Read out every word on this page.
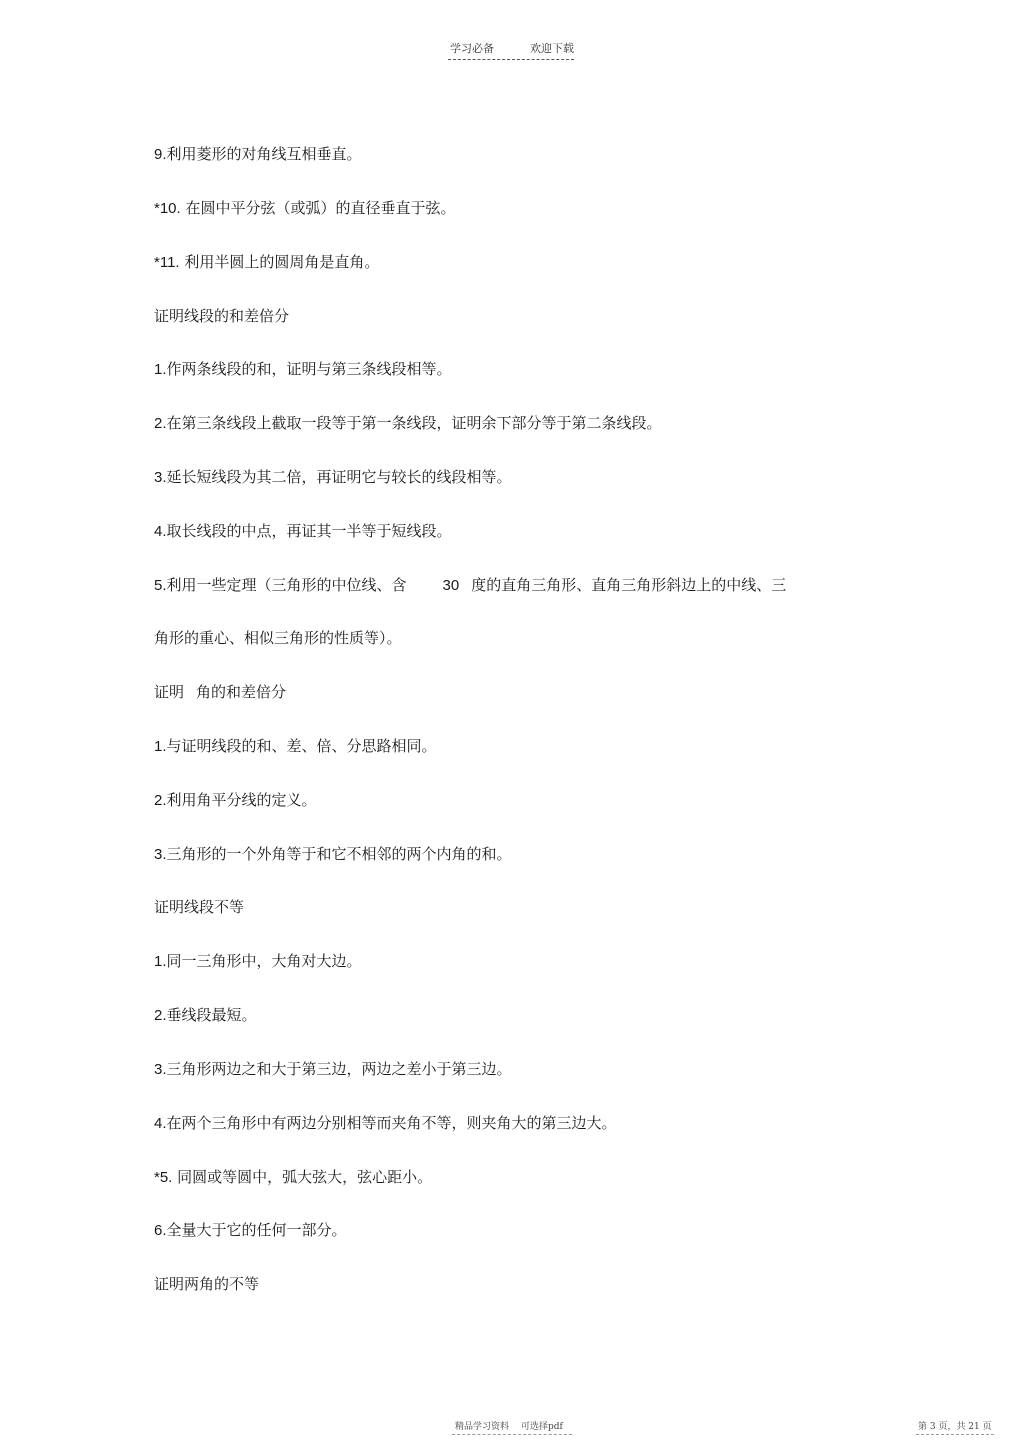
学习必备	欢迎下载
9.利用菱形的对角线互相垂直。
*10. 在圆中平分弦（或弧）的直径垂直于弦。
*11. 利用半圆上的圆周角是直角。
证明线段的和差倍分
1.作两条线段的和，证明与第三条线段相等。
2.在第三条线段上截取一段等于第一条线段，证明余下部分等于第二条线段。
3.延长短线段为其二倍，再证明它与较长的线段相等。
4.取长线段的中点，再证其一半等于短线段。
5.利用一些定理（三角形的中位线、含 30 度的直角三角形、直角三角形斜边上的中线、三
角形的重心、相似三角形的性质等）。
证明 角的和差倍分
1.与证明线段的和、差、倍、分思路相同。
2.利用角平分线的定义。
3.三角形的一个外角等于和它不相邻的两个内角的和。
证明线段不等
1.同一三角形中，大角对大边。
2.垂线段最短。
3.三角形两边之和大于第三边，两边之差小于第三边。
4.在两个三角形中有两边分别相等而夹角不等，则夹角大的第三边大。
*5. 同圆或等圆中，弧大弦大，弦心距小。
6.全量大于它的任何一部分。
证明两角的不等
精品学习资料 可选择pdf	第 3 页，共 21 页
